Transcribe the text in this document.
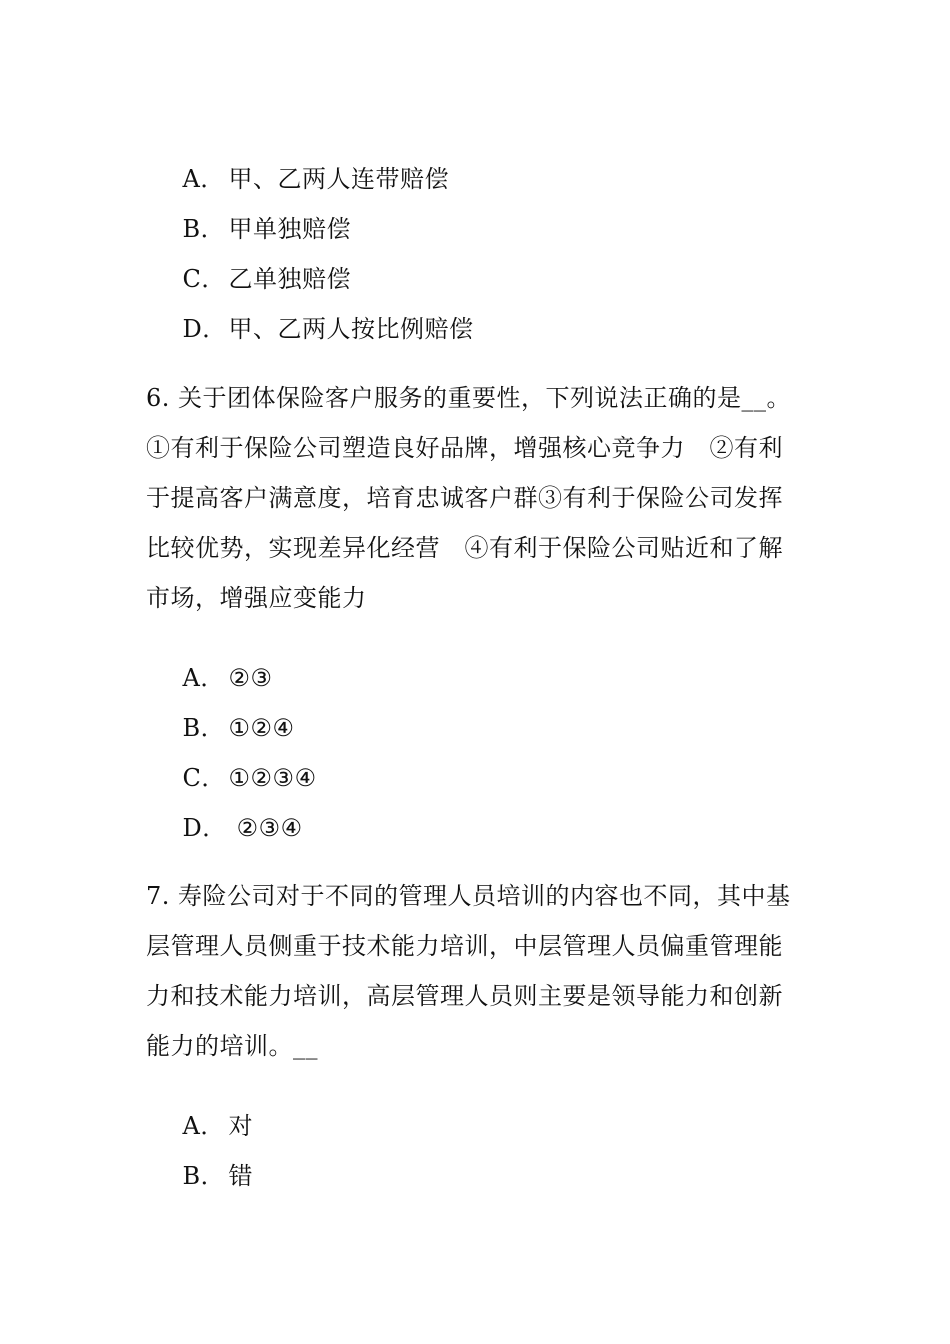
A． 甲、乙两人连带赔偿

B． 甲单独赔偿

C． 乙单独赔偿

D．甲、乙两人按比例赔偿

6. 关于团体保险客户服务的重要性，下列说法正确的是__。
①有利于保险公司塑造良好品牌，增强核心竞争力　②有利
于提高客户满意度，培育忠诚客户群③有利于保险公司发挥
比较优势，实现差异化经营　④有利于保险公司贴近和了解
市场，增强应变能力

A． ②③

B． ①②④

C． ①②③④

D． ②③④

7. 寿险公司对于不同的管理人员培训的内容也不同，其中基
层管理人员侧重于技术能力培训，中层管理人员偏重管理能
力和技术能力培训，高层管理人员则主要是领导能力和创新
能力的培训。__

A． 对

B． 错
